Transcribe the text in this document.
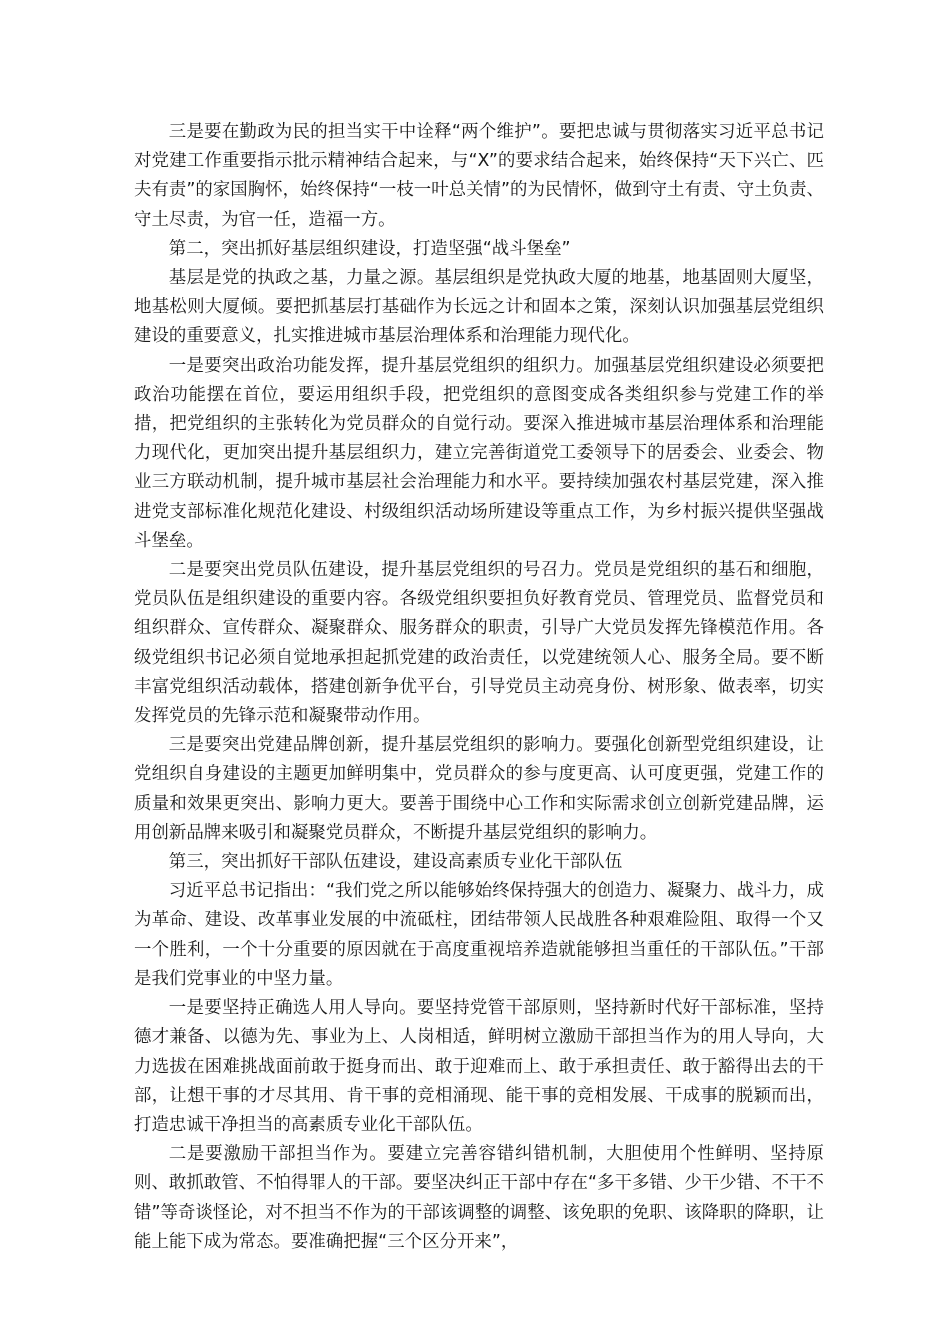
三是要在勤政为民的担当实干中诠释“两个维护”。要把忠诚与贯彻落实习近平总书记对党建工作重要指示批示精神结合起来，与“X”的要求结合起来，始终保持“天下兴亡、匹夫有责”的家国胸怀，始终保持“一枝一叶总关情”的为民情怀，做到守土有责、守土负责、守土尽责，为官一任，造福一方。

第二，突出抓好基层组织建设，打造坚强“战斗堡垒”

基层是党的执政之基，力量之源。基层组织是党执政大厦的地基，地基固则大厦坚，地基松则大厦倾。要把抓基层打基础作为长远之计和固本之策，深刻认识加强基层党组织建设的重要意义，扎实推进城市基层治理体系和治理能力现代化。

一是要突出政治功能发挥，提升基层党组织的组织力。加强基层党组织建设必须要把政治功能摆在首位，要运用组织手段，把党组织的意图变成各类组织参与党建工作的举措，把党组织的主张转化为党员群众的自觉行动。要深入推进城市基层治理体系和治理能力现代化，更加突出提升基层组织力，建立完善街道党工委领导下的居委会、业委会、物业三方联动机制，提升城市基层社会治理能力和水平。要持续加强农村基层党建，深入推进党支部标准化规范化建设、村级组织活动场所建设等重点工作，为乡村振兴提供坚强战斗堡垒。

二是要突出党员队伍建设，提升基层党组织的号召力。党员是党组织的基石和细胞，党员队伍是组织建设的重要内容。各级党组织要担负好教育党员、管理党员、监督党员和组织群众、宣传群众、凝聚群众、服务群众的职责，引导广大党员发挥先锋模范作用。各级党组织书记必须自觉地承担起抓党建的政治责任，以党建统领人心、服务全局。要不断丰富党组织活动载体，搭建创新争优平台，引导党员主动亮身份、树形象、做表率，切实发挥党员的先锋示范和凝聚带动作用。

三是要突出党建品牌创新，提升基层党组织的影响力。要强化创新型党组织建设，让党组织自身建设的主题更加鲜明集中，党员群众的参与度更高、认可度更强，党建工作的质量和效果更突出、影响力更大。要善于围绕中心工作和实际需求创立创新党建品牌，运用创新品牌来吸引和凝聚党员群众，不断提升基层党组织的影响力。

第三，突出抓好干部队伍建设，建设高素质专业化干部队伍

习近平总书记指出：“我们党之所以能够始终保持强大的创造力、凝聚力、战斗力，成为革命、建设、改革事业发展的中流砥柱，团结带领人民战胜各种艰难险阻、取得一个又一个胜利，一个十分重要的原因就在于高度重视培养造就能够担当重任的干部队伍。”干部是我们党事业的中坚力量。

一是要坚持正确选人用人导向。要坚持党管干部原则，坚持新时代好干部标准，坚持德才兼备、以德为先、事业为上、人岗相适，鲜明树立激励干部担当作为的用人导向，大力选拔在困难挑战面前敢于挺身而出、敢于迎难而上、敢于承担责任、敢于豁得出去的干部，让想干事的才尽其用、肯干事的竞相涌现、能干事的竞相发展、干成事的脱颖而出，打造忠诚干净担当的高素质专业化干部队伍。

二是要激励干部担当作为。要建立完善容错纠错机制，大胆使用个性鲜明、坚持原则、敢抓敢管、不怕得罪人的干部。要坚决纠正干部中存在“多干多错、少干少错、不干不错”等奇谈怪论，对不担当不作为的干部该调整的调整、该免职的免职、该降职的降职，让能上能下成为常态。要准确把握“三个区分开来”，
